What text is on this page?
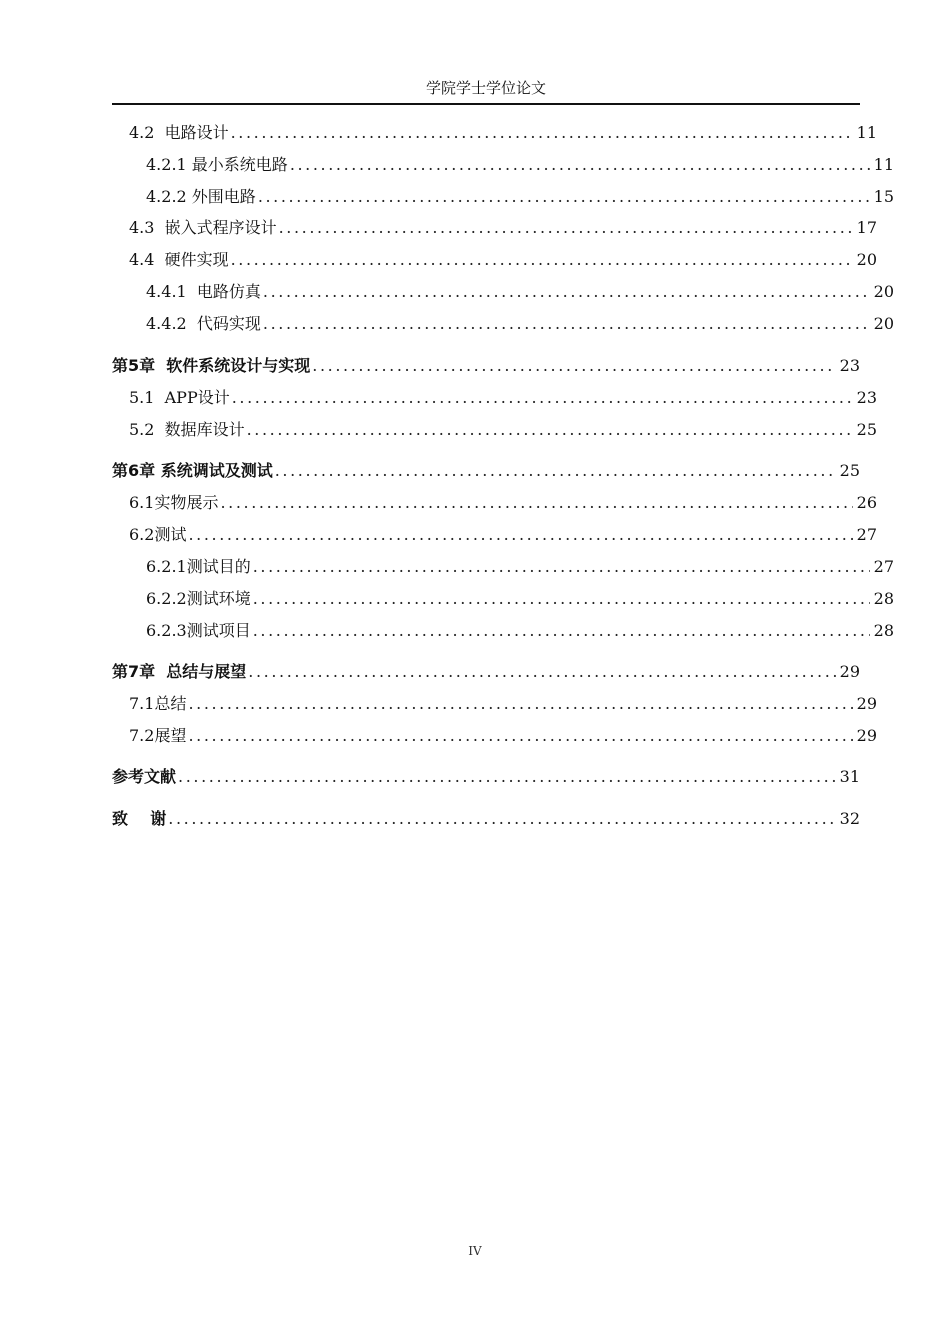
学院学士学位论文
4.2  电路设计 .....	11
4.2.1 最小系统电路 .....	11
4.2.2 外围电路 .....	15
4.3  嵌入式程序设计 .....	17
4.4  硬件实现 .....	20
4.4.1  电路仿真 .....	20
4.4.2  代码实现 .....	20
第5章  软件系统设计与实现 .....	23
5.1  APP设计 .....	23
5.2  数据库设计 .....	25
第6章 系统调试及测试 .....	25
6.1实物展示 .....	26
6.2测试 .....	27
6.2.1测试目的 .....	27
6.2.2测试环境 .....	28
6.2.3测试项目 .....	28
第7章  总结与展望 .....	29
7.1总结 .....	29
7.2展望 .....	29
参考文献 .....	31
致    谢 .....	32
IV
